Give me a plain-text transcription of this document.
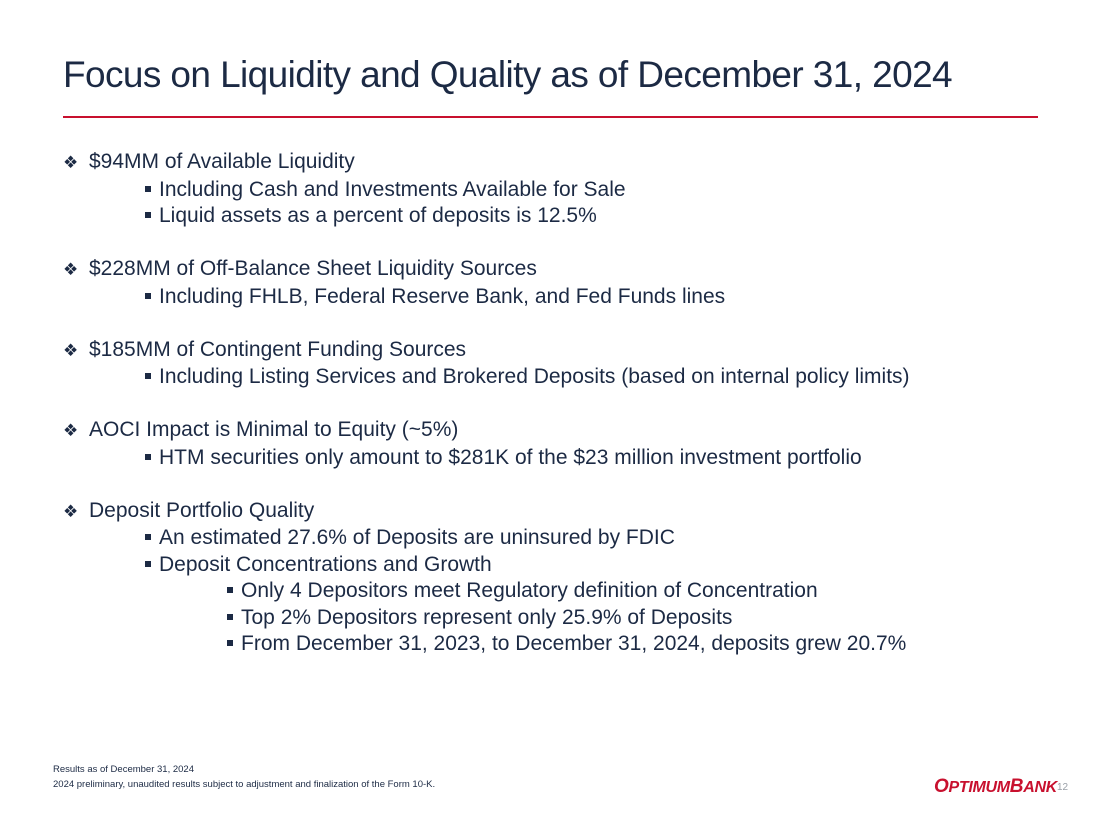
Focus on Liquidity and Quality as of December 31, 2024
❖ $94MM of Available Liquidity
Including Cash and Investments Available for Sale
Liquid assets as a percent of deposits is 12.5%
❖ $228MM of Off-Balance Sheet Liquidity Sources
Including FHLB, Federal Reserve Bank, and Fed Funds lines
❖ $185MM of Contingent Funding Sources
Including Listing Services and Brokered Deposits (based on internal policy limits)
❖ AOCI Impact is Minimal to Equity (~5%)
HTM securities only amount to $281K of the $23 million investment portfolio
❖ Deposit Portfolio Quality
An estimated 27.6% of Deposits are uninsured by FDIC
Deposit Concentrations and Growth
Only 4 Depositors meet Regulatory definition of Concentration
Top 2% Depositors represent only 25.9% of Deposits
From December 31, 2023, to December 31, 2024, deposits grew 20.7%
Results as of December 31, 2024
2024 preliminary, unaudited results subject to adjustment and finalization of the Form 10-K.	OPTIMUMBANK 12
